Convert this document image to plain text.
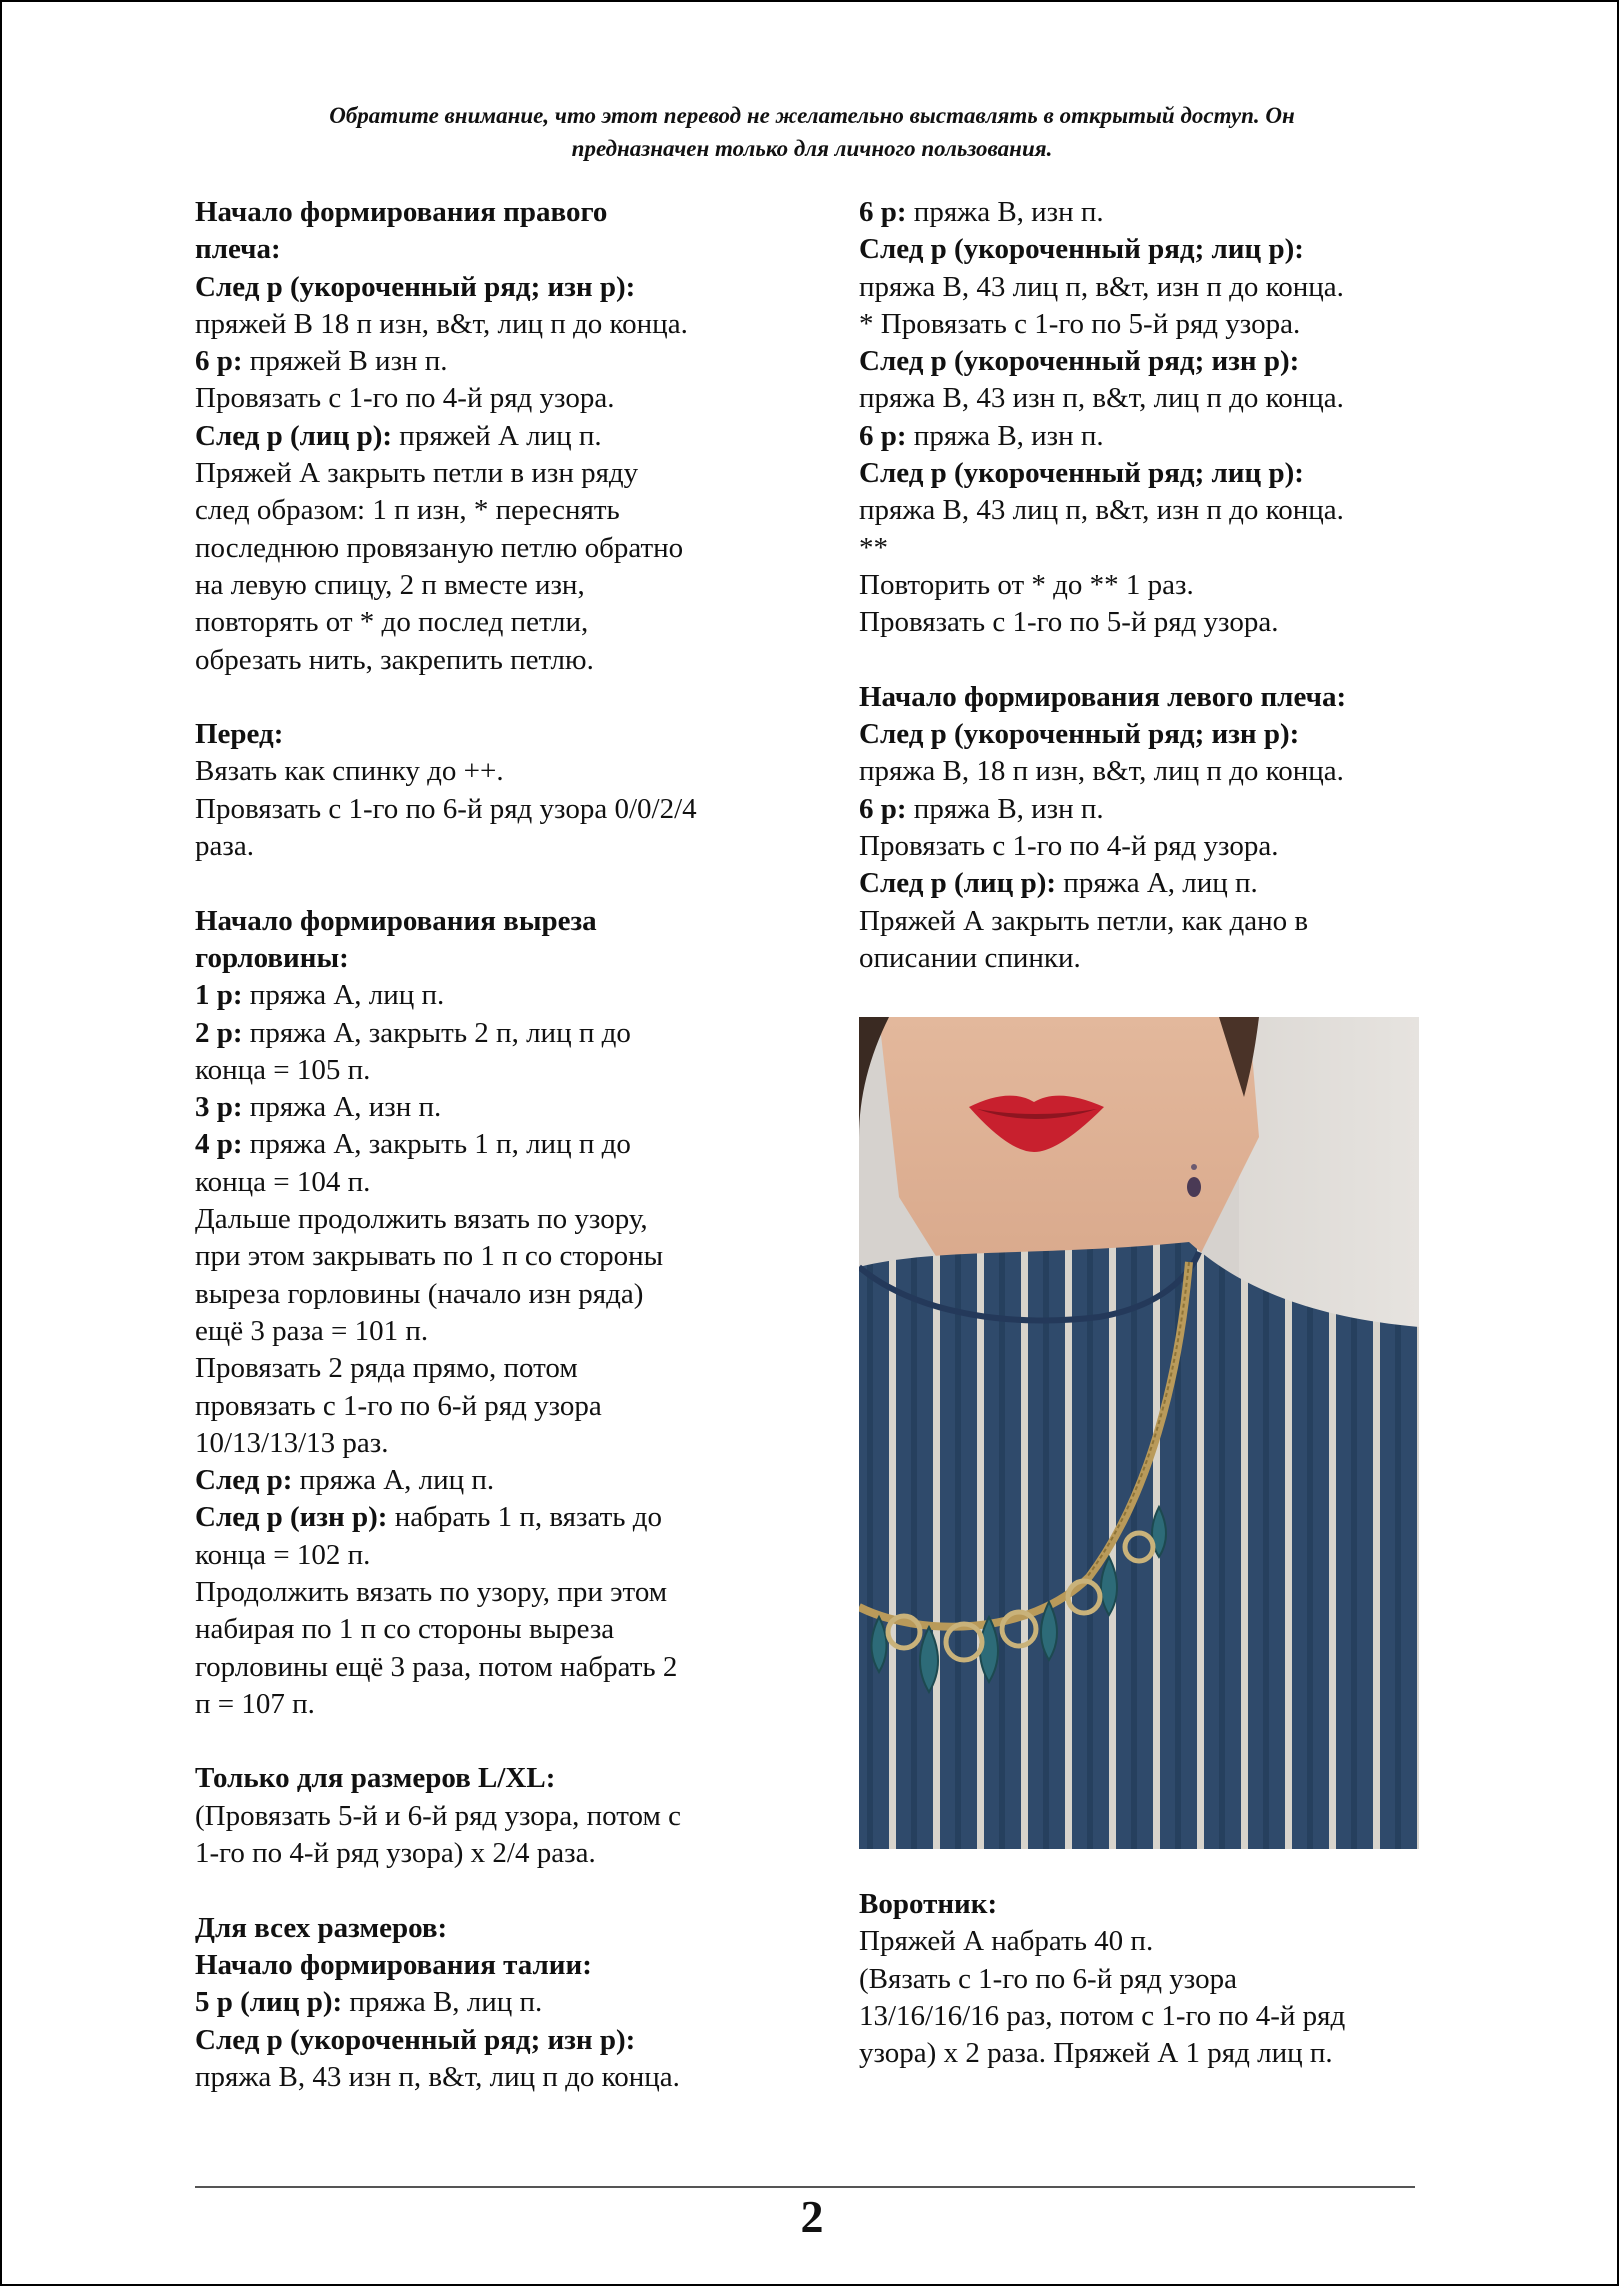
Обратите внимание, что этот перевод не желательно выставлять в открытый доступ. Он
предназначен только для личного пользования.
Начало формирования правого
плеча:
След р (укороченный ряд; изн р):
пряжей В 18 п изн, в&т, лиц п до конца.
6 р: пряжей В изн п.
Провязать с 1-го по 4-й ряд узора.
След р (лиц р): пряжей А лиц п.
Пряжей А закрыть петли в изн ряду
след образом: 1 п изн, * переснять
последнюю провязаную петлю обратно
на левую спицу, 2 п вместе изн,
повторять от * до послед петли,
обрезать нить, закрепить петлю.
Перед:
Вязать как спинку до ++.
Провязать с 1-го по 6-й ряд узора 0/0/2/4
раза.
Начало формирования выреза
горловины:
1 р: пряжа А, лиц п.
2 р: пряжа А, закрыть 2 п, лиц п до
конца = 105 п.
3 р: пряжа А, изн п.
4 р: пряжа А, закрыть 1 п, лиц п до
конца = 104 п.
Дальше продолжить вязать по узору,
при этом закрывать по 1 п со стороны
выреза горловины (начало изн ряда)
ещё 3 раза = 101 п.
Провязать 2 ряда прямо, потом
провязать с 1-го по 6-й ряд узора
10/13/13/13 раз.
След р: пряжа А, лиц п.
След р (изн р): набрать 1 п, вязать до
конца = 102 п.
Продолжить вязать по узору, при этом
набирая по 1 п со стороны выреза
горловины ещё 3 раза, потом набрать 2
п = 107 п.
Только для размеров L/XL:
(Провязать 5-й и 6-й ряд узора, потом с
1-го по 4-й ряд узора) х 2/4 раза.
Для всех размеров:
Начало формирования талии:
5 р (лиц р): пряжа В, лиц п.
След р (укороченный ряд; изн р):
пряжа В, 43 изн п, в&т, лиц п до конца.
6 р: пряжа В, изн п.
След р (укороченный ряд; лиц р):
пряжа В, 43 лиц п, в&т, изн п до конца.
* Провязать с 1-го по 5-й ряд узора.
След р (укороченный ряд; изн р):
пряжа В, 43 изн п, в&т, лиц п до конца.
6 р: пряжа В, изн п.
След р (укороченный ряд; лиц р):
пряжа В, 43 лиц п, в&т, изн п до конца.
**
Повторить от * до ** 1 раз.
Провязать с 1-го по 5-й ряд узора.
Начало формирования левого плеча:
След р (укороченный ряд; изн р):
пряжа В, 18 п изн, в&т, лиц п до конца.
6 р: пряжа В, изн п.
Провязать с 1-го по 4-й ряд узора.
След р (лиц р): пряжа А, лиц п.
Пряжей А закрыть петли, как дано в
описании спинки.
Воротник:
Пряжей А набрать 40 п.
(Вязать с 1-го по 6-й ряд узора
13/16/16/16 раз, потом с 1-го по 4-й ряд
узора) х 2 раза. Пряжей А 1 ряд лиц п.
2
